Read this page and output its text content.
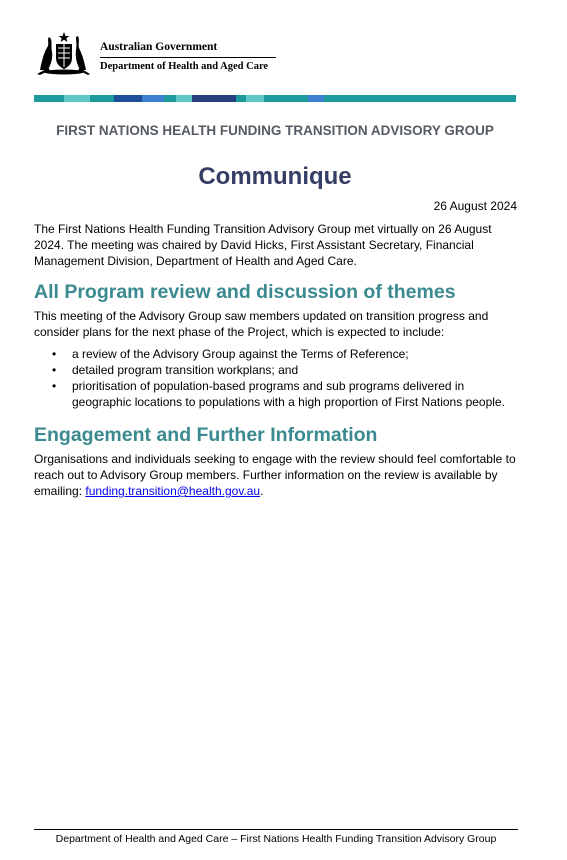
Australian Government
Department of Health and Aged Care
FIRST NATIONS HEALTH FUNDING TRANSITION ADVISORY GROUP
Communique
26 August 2024
The First Nations Health Funding Transition Advisory Group met virtually on 26 August 2024. The meeting was chaired by David Hicks, First Assistant Secretary, Financial Management Division, Department of Health and Aged Care.
All Program review and discussion of themes
This meeting of the Advisory Group saw members updated on transition progress and consider plans for the next phase of the Project, which is expected to include:
• a review of the Advisory Group against the Terms of Reference;
• detailed program transition workplans; and
• prioritisation of population-based programs and sub programs delivered in geographic locations to populations with a high proportion of First Nations people.
Engagement and Further Information
Organisations and individuals seeking to engage with the review should feel comfortable to reach out to Advisory Group members. Further information on the review is available by emailing: funding.transition@health.gov.au.
Department of Health and Aged Care – First Nations Health Funding Transition Advisory Group
